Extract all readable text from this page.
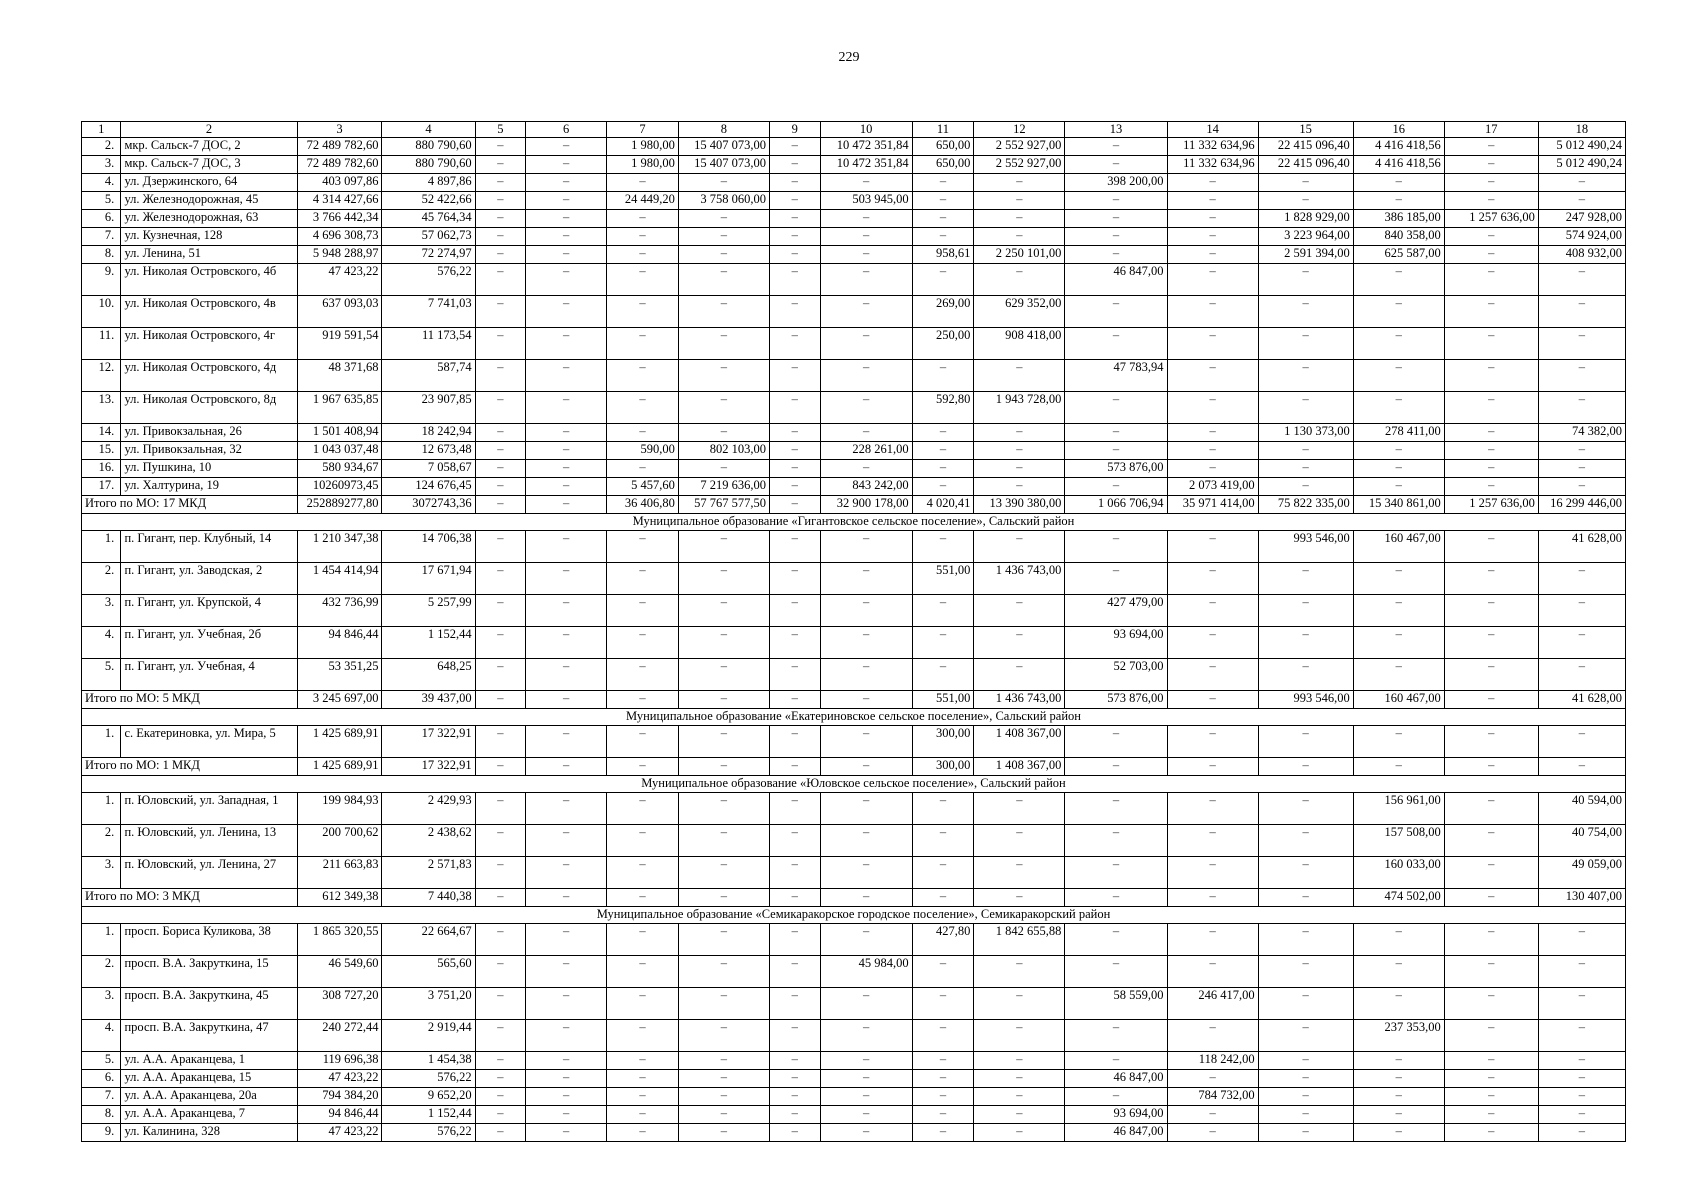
229
1	2	3	4	5	6	7	8	9	10	11	12	13	14	15	16	17	18
2.	мкр. Сальск-7 ДОС, 2	72 489 782,60	880 790,60	–	–	1 980,00	15 407 073,00	–	10 472 351,84	650,00	2 552 927,00	–	11 332 634,96	22 415 096,40	4 416 418,56	–	5 012 490,24
3.	мкр. Сальск-7 ДОС, 3	72 489 782,60	880 790,60	–	–	1 980,00	15 407 073,00	–	10 472 351,84	650,00	2 552 927,00	–	11 332 634,96	22 415 096,40	4 416 418,56	–	5 012 490,24
4.	ул. Дзержинского, 64	403 097,86	4 897,86	–	–	–	–	–	–	–	–	398 200,00	–	–	–	–	–
5.	ул. Железнодорожная, 45	4 314 427,66	52 422,66	–	–	24 449,20	3 758 060,00	–	503 945,00	–	–	–	–	–	–	–	–
6.	ул. Железнодорожная, 63	3 766 442,34	45 764,34	–	–	–	–	–	–	–	–	–	–	1 828 929,00	386 185,00	1 257 636,00	247 928,00
7.	ул. Кузнечная, 128	4 696 308,73	57 062,73	–	–	–	–	–	–	–	–	–	–	3 223 964,00	840 358,00	–	574 924,00
8.	ул. Ленина, 51	5 948 288,97	72 274,97	–	–	–	–	–	–	958,61	2 250 101,00	–	–	2 591 394,00	625 587,00	–	408 932,00
9.	ул. Николая Островского, 4б	47 423,22	576,22	–	–	–	–	–	–	–	–	46 847,00	–	–	–	–	–
10.	ул. Николая Островского, 4в	637 093,03	7 741,03	–	–	–	–	–	–	269,00	629 352,00	–	–	–	–	–	–
11.	ул. Николая Островского, 4г	919 591,54	11 173,54	–	–	–	–	–	–	250,00	908 418,00	–	–	–	–	–	–
12.	ул. Николая Островского, 4д	48 371,68	587,74	–	–	–	–	–	–	–	–	47 783,94	–	–	–	–	–
13.	ул. Николая Островского, 8д	1 967 635,85	23 907,85	–	–	–	–	–	–	592,80	1 943 728,00	–	–	–	–	–	–
14.	ул. Привокзальная, 26	1 501 408,94	18 242,94	–	–	–	–	–	–	–	–	–	–	1 130 373,00	278 411,00	–	74 382,00
15.	ул. Привокзальная, 32	1 043 037,48	12 673,48	–	–	590,00	802 103,00	–	228 261,00	–	–	–	–	–	–	–	–
16.	ул. Пушкина, 10	580 934,67	7 058,67	–	–	–	–	–	–	–	–	573 876,00	–	–	–	–	–
17.	ул. Халтурина, 19	10260973,45	124 676,45	–	–	5 457,60	7 219 636,00	–	843 242,00	–	–	–	2 073 419,00	–	–	–	–
Итого по МО: 17 МКД		252889277,80	3072743,36	–	–	36 406,80	57 767 577,50	–	32 900 178,00	4 020,41	13 390 380,00	1 066 706,94	35 971 414,00	75 822 335,00	15 340 861,00	1 257 636,00	16 299 446,00
Муниципальное образование «Гигантовское сельское поселение», Сальский район																	
1.	п. Гигант, пер. Клубный, 14	1 210 347,38	14 706,38	–	–	–	–	–	–	–	–	–	–	993 546,00	160 467,00	–	41 628,00
2.	п. Гигант, ул. Заводская, 2	1 454 414,94	17 671,94	–	–	–	–	–	–	551,00	1 436 743,00	–	–	–	–	–	–
3.	п. Гигант, ул. Крупской, 4	432 736,99	5 257,99	–	–	–	–	–	–	–	–	427 479,00	–	–	–	–	–
4.	п. Гигант, ул. Учебная, 2б	94 846,44	1 152,44	–	–	–	–	–	–	–	–	93 694,00	–	–	–	–	–
5.	п. Гигант, ул. Учебная, 4	53 351,25	648,25	–	–	–	–	–	–	–	–	52 703,00	–	–	–	–	–
Итого по МО: 5 МКД		3 245 697,00	39 437,00	–	–	–	–	–	–	551,00	1 436 743,00	573 876,00	–	993 546,00	160 467,00	–	41 628,00
Муниципальное образование «Екатериновское сельское поселение», Сальский район																	
1.	с. Екатериновка, ул. Мира, 5	1 425 689,91	17 322,91	–	–	–	–	–	–	300,00	1 408 367,00	–	–	–	–	–	–
Итого по МО: 1 МКД		1 425 689,91	17 322,91	–	–	–	–	–	–	300,00	1 408 367,00	–	–	–	–	–	–
Муниципальное образование «Юловское сельское поселение», Сальский район																	
1.	п. Юловский, ул. Западная, 1	199 984,93	2 429,93	–	–	–	–	–	–	–	–	–	–	–	156 961,00	–	40 594,00
2.	п. Юловский, ул. Ленина, 13	200 700,62	2 438,62	–	–	–	–	–	–	–	–	–	–	–	157 508,00	–	40 754,00
3.	п. Юловский, ул. Ленина, 27	211 663,83	2 571,83	–	–	–	–	–	–	–	–	–	–	–	160 033,00	–	49 059,00
Итого по МО: 3 МКД		612 349,38	7 440,38	–	–	–	–	–	–	–	–	–	–	–	474 502,00	–	130 407,00
Муниципальное образование «Семикаракорское городское поселение», Семикаракорский район																	
1.	просп. Бориса Куликова, 38	1 865 320,55	22 664,67	–	–	–	–	–	–	427,80	1 842 655,88	–	–	–	–	–	–
2.	просп. В.А. Закруткина, 15	46 549,60	565,60	–	–	–	–	–	45 984,00	–	–	–	–	–	–	–	–
3.	просп. В.А. Закруткина, 45	308 727,20	3 751,20	–	–	–	–	–	–	–	–	58 559,00	246 417,00	–	–	–	–
4.	просп. В.А. Закруткина, 47	240 272,44	2 919,44	–	–	–	–	–	–	–	–	–	–	–	237 353,00	–	–
5.	ул. А.А. Араканцева, 1	119 696,38	1 454,38	–	–	–	–	–	–	–	–	–	118 242,00	–	–	–	–
6.	ул. А.А. Араканцева, 15	47 423,22	576,22	–	–	–	–	–	–	–	–	46 847,00	–	–	–	–	–
7.	ул. А.А. Араканцева, 20а	794 384,20	9 652,20	–	–	–	–	–	–	–	–	–	784 732,00	–	–	–	–
8.	ул. А.А. Араканцева, 7	94 846,44	1 152,44	–	–	–	–	–	–	–	–	93 694,00	–	–	–	–	–
9.	ул. Калинина, 328	47 423,22	576,22	–	–	–	–	–	–	–	–	46 847,00	–	–	–	–	–
